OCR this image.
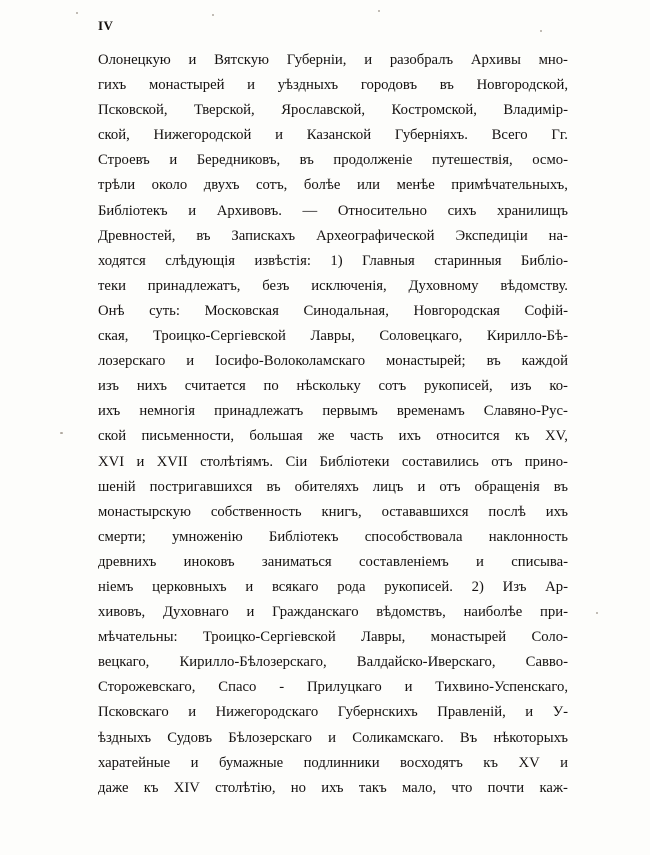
IV
Олонецкую и Вятскую Губернiи, и разобралъ Архивы мно-
гихъ монастырей и уѣздныхъ городовъ въ Новгородской,
Псковской, Тверской, Ярославской, Костромской, Владимiр-
ской, Нижегородской и Казанской Губернiяхъ. Всего Гг.
Строевъ и Бередниковъ, въ продолженiе путешествiя, осмо-
трѣли около двухъ сотъ, болѣе или менѣе примѣчательныхъ,
Библiотекъ и Архивовъ. — Относительно сихъ хранилищъ
Древностей, въ Запискахъ Археографической Экспедицiи на-
ходятся слѣдующiя извѣстiя: 1) Главныя старинныя Библiо-
теки принадлежатъ, безъ исключенiя, Духовному вѣдомству.
Онѣ суть: Московская Синодальная, Новгородская Софiй-
ская, Троицко-Сергiевской Лавры, Соловецкаго, Кирилло-Бѣ-
лозерскаго и Iосифо-Волоколамскаго монастырей; въ каждой
изъ нихъ считается по нѣскольку сотъ рукописей, изъ ко-
ихъ немногiя принадлежатъ первымъ временамъ Славяно-Рус-
ской письменности, большая же часть ихъ относится къ XV,
XVI и XVII столѣтiямъ. Сiи Библiотеки составились отъ прино-
шенiй постригавшихся въ обителяхъ лицъ и отъ обращенiя въ
монастырскую собственность книгъ, остававшихся послѣ ихъ
смерти; умноженiю Библiотекъ способствовала наклонность
древнихъ иноковъ заниматься составленiемъ и списыва-
нiемъ церковныхъ и всякаго рода рукописей. 2) Изъ Ар-
хивовъ, Духовнаго и Гражданскаго вѣдомствъ, наиболѣе при-
мѣчательны: Троицко-Сергiевской Лавры, монастырей Соло-
вецкаго, Кирилло-Бѣлозерскаго, Валдайско-Иверскаго, Савво-
Сторожевскаго, Спасо - Прилуцкаго и Тихвино-Успенскаго,
Псковскаго и Нижегородскаго Губернскихъ Правленiй, и У-
ѣздныхъ Судовъ Бѣлозерскаго и Соликамскаго. Въ нѣкоторыхъ
харатейные и бумажные подлинники восходятъ къ XV и
даже къ XIV столѣтiю, но ихъ такъ мало, что почти каж-
